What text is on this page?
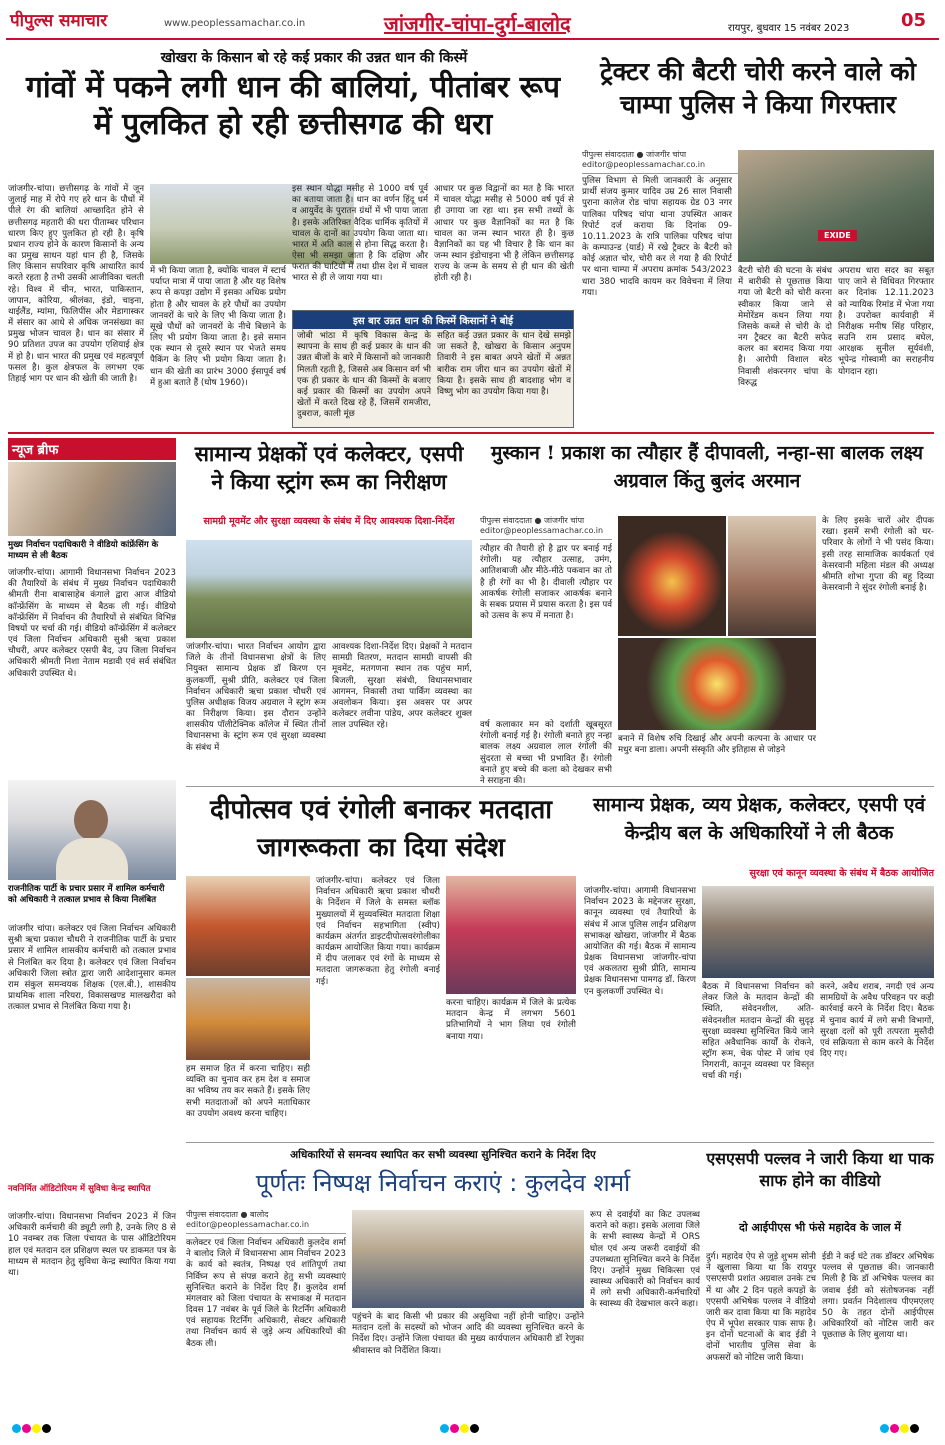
पीपुल्स समाचार	www.peoplessamachar.co.in	जांजगीर-चांपा-दुर्ग-बालोद	रायपुर, बुधवार 15 नवंबर 2023	05
खोखरा के किसान बो रहे कई प्रकार की उन्नत धान की किस्में
गांवों में पकने लगी धान की बालियां, पीतांबर रूप में पुलकित हो रही छत्तीसगढ की धरा
जांजगीर-चांपा। छत्तीसगढ़ के गांवों में जून जुलाई माह में रोपे गए हरे धान के पौधों में पीले रंग की बालियां आच्छादित होने से छत्तीसगढ़ महतारी की धरा पीताम्बर परिधान धारण किए हुए पुलकित हो रही है। कृषि प्रधान राज्य होने के कारण किसानों के अन्य का प्रमुख साधन यहां धान ही है, जिसके लिए किसान सपरिवार कृषि आधारित कार्य करते रहता है तभी उसकी आजीविका चलती रहे। विश्व में चीन, भारत, पाकिस्तान, जापान, कोरिया, श्रीलंका, इंडो, चाइना, थाईलैंड, म्यांमा, फिलिपींस और मेडागास्कर में संसार का आधे से अधिक जनसंख्या का प्रमुख भोजन चावल है। धान का संसार में 90 प्रतिशत उपज का उपयोग एशियाई क्षेत्र में हो है। धान भारत की प्रमुख एवं महत्वपूर्ण फसल है। कुल क्षेत्रफल के लगभग एक तिहाई भाग पर धान की खेती की जाती है।
में भी किया जाता है, क्योंकि चावल में स्टार्च पर्याप्त मात्रा में पाया जाता है और यह विशेष रूप से कपड़ा उद्योग में इसका अधिक प्रयोग होता है और चावल के हरे पौधों का उपयोग जानवरों के चारे के लिए भी किया जाता है। सूखे पौधों को जानवरों के नीचे बिछाने के लिए भी प्रयोग किया जाता है। इसे समान एक स्थान से दूसरे स्थान पर भेजते समय पैकिंग के लिए भी प्रयोग किया जाता है। धान की खेती का प्रारंभ 3000 ईसापूर्व वर्ष में हुआ बताते हैं (घोष 1960)।
इस स्थान योद्धा मसीह से 1000 वर्ष पूर्व का बताया जाता है। धान का वर्णन हिंदू धर्म व आयुर्वेद के पुरातन ग्रंथों में भी पाया जाता है। इसके अतिरिक्त वैदिक धार्मिक कृतियों में चावल के दानों का उपयोग किया जाता था। भारत में अति काल से होना सिद्ध करता है। ऐसा भी समझा जाता है कि दक्षिण और फरात की घाटियों में तथा ग्रीस देश में चावल भारत से ही ले जाया गया था।
आधार पर कुछ विद्वानों का मत है कि भारत में चावल योद्धा मसीह से 5000 वर्ष पूर्व से ही उगाया जा रहा था। इस सभी तथ्यों के आधार पर कुछ वैज्ञानिकों का मत है कि चावल का जन्म स्थान भारत ही है। कुछ वैज्ञानिकों का यह भी विचार है कि धान का जन्म स्थान इंडोचाइना भी है लेकिन छत्तीसगढ़ राज्य के जन्म के समय से ही धान की खेती होती रही है।
इस बार उन्नत धान की किस्में किसानों ने बोई
जोबी भांठा में कृषि विकास केन्द्र के स्थापना के साथ ही कई प्रकार के धान की उन्नत बीजों के बारे में किसानों को जानकारी मिलती रहती है, जिससे अब किसान वर्ग भी एक ही प्रकार के धान की किस्मों के बजाए कई प्रकार की किस्मों का उपयोग अपने खेतों में करते दिख रहे हैं, जिसमें रामजीरा, दुबराज, काली मूंछ
सहित कई उन्नत प्रकार के धान देखे समझे जा सकते है, खोखरा के किसान अनुपम तिवारी ने इस बाबत अपने खेतों में अन्नत बारीक राम जीरा धान का उपयोग खेतों में किया है। इसके साथ ही बादशाह भोग व विष्णु भोग का उपयोग किया गया है।
ट्रेक्टर की बैटरी चोरी करने वाले को चाम्पा पुलिस ने किया गिरफ्तार
पीपुल्स संवाददाता ● जांजगीर चांपा
editor@peoplessamachar.co.in
पुलिस विभाग से मिली जानकारी के अनुसार प्रार्थी संजय कुमार यादिव उम्र 26 साल निवासी पुराना कालेज रोड चांपा सहायक ग्रेड 03 नगर पालिका परिषद चांपा थाना उपस्थित आकर रिपोर्ट दर्ज कराया कि दिनांक 09-10.11.2023 के रात्रि पालिका परिषद चांपा के कम्पाउन्ड (यार्ड) में रखे ट्रैक्टर के बैटरी को कोई अज्ञात चोर, चोरी कर ले गया है की रिपोर्ट पर थाना चाम्पा में अपराध क्रमांक 543/2023 धारा 380 भादवि कायम कर विवेचना में लिया गया।
EXIDE
बैटरी चोरी की घटना के संबंध में बारीकी से पूछताछ किया गया जो बैटरी को चोरी करना स्वीकार किया जाने से मेमोरेंडम कथन लिया गया जिसके कब्जे से चोरी के दो नग ट्रैक्टर का बैटरी सफेद कलर का बरामद किया गया है। आरोपी विशाल बरेठ निवासी शंकरनगर चांपा के विरुद्ध
अपराध धारा सदर का सबूत पाए जाने से विधिवत गिरफ्तार कर दिनांक 12.11.2023 को न्यायिक रिमांड में भेजा गया है। उपरोक्त कार्यवाही में निरीक्षक मनीष सिंह परिहार, सउनि राम प्रसाद बघेल, आरक्षक सुनील सूर्यवंशी, भूपेन्द्र गोस्वामी का सराहनीय योगदान रहा।
न्यूज ब्रीफ
मुख्य निर्वाचन पदाधिकारी ने वीडियो कांफ्रेंसिंग के माध्यम से ली बैठक
जांजगीर-चांपा। आगामी विधानसभा निर्वाचन 2023 की तैयारियों के संबंध में मुख्य निर्वाचन पदाधिकारी श्रीमती रीना बाबासाहेब कंगाले द्वारा आज वीडियो कॉन्फ्रेंसिंग के माध्यम से बैठक ली गई। वीडियो कॉन्फ्रेंसिंग में निर्वाचन की तैयारियों से संबंधित विभिन्न विषयों पर चर्चा की गई। वीडियो कॉन्फ्रेंसिंग में कलेक्टर एवं जिला निर्वाचन अधिकारी सुश्री ऋचा प्रकाश चौधरी, अपर कलेक्टर एसपी बैद, उप जिला निर्वाचन अधिकारी श्रीमती निशा नेताम मडावी एवं सर्व संबंधित अधिकारी उपस्थित थे।
राजनीतिक पार्टी के प्रचार प्रसार में शामिल कर्मचारी को अधिकारी ने तत्काल प्रभाव से किया निलंबित
जांजगीर चांपा। कलेक्टर एवं जिला निर्वाचन अधिकारी सुश्री ऋचा प्रकाश चौधरी ने राजनीतिक पार्टी के प्रचार प्रसार में शामिल शासकीय कर्मचारी को तत्काल प्रभाव से निलंबित कर दिया है। कलेक्टर एवं जिला निर्वाचन अधिकारी जिला स्त्रोत द्वारा जारी आदेशानुसार कमल राम संकुल समन्वयक शिक्षक (एल.बी.), शासकीय प्राथमिक शाला नरियरा, विकासखण्ड मालखरौदा को तत्काल प्रभाव से निलंबित किया गया है।
नवनिर्मित ऑडिटोरियम में सुविधा केन्द्र स्थापित
जांजगीर-चांपा। विधानसभा निर्वाचन 2023 में जिन अधिकारी कर्मचारी की ड्यूटी लगी है, उनके लिए 8 से 10 नवम्बर तक जिला पंचायत के पास ऑडिटोरियम हाल एवं मतदान दल प्रशिक्षण स्थल पर डाकमत पत्र के माध्यम से मतदान हेतु सुविधा केन्द्र स्थापित किया गया था।
सामान्य प्रेक्षकों एवं कलेक्टर, एसपी ने किया स्ट्रांग रूम का निरीक्षण
सामग्री मूवमेंट और सुरक्षा व्यवस्था के संबंध में दिए आवश्यक दिशा-निर्देश
जांजगीर-चांपा। भारत निर्वाचन आयोग द्वारा जिले के तीनों विधानसभा क्षेत्रों के लिए नियुक्त सामान्य प्रेक्षक डॉ किरण एन कुलकर्णी, सुश्री प्रीति, कलेक्टर एवं जिला निर्वाचन अधिकारी ऋचा प्रकाश चौधरी एवं पुलिस अधीक्षक विजय अग्रवाल ने स्ट्रांग रूम का निरीक्षण किया। इस दौरान उन्होंने शासकीय पॉलीटेक्निक कॉलेज में स्थित तीनों विधानसभा के स्ट्रांग रूम एवं सुरक्षा व्यवस्था के संबंध में
आवश्यक दिशा-निर्देश दिए। प्रेक्षकों ने मतदान सामग्री वितरण, मतदान सामग्री वापसी की मूवमेंट, मतगणना स्थान तक पहुंच मार्ग, बिजली, सुरक्षा संबंधी, विधानसभावार आगमन, निकासी तथा पार्किंग व्यवस्था का अवलोकन किया। इस अवसर पर अपर कलेक्टर लवीना पांडेय, अपर कलेक्टर शुक्ल लाल उपस्थित रहे।
मुस्कान ! प्रकाश का त्यौहार हैं दीपावली, नन्हा-सा बालक लक्ष्य अग्रवाल किंतु बुलंद अरमान
पीपुल्स संवाददाता ● जांजगीर चांपा
editor@peoplessamachar.co.in
त्यौहार की तैयारी हो है द्वार पर बनाई गई रंगोली। यह त्यौहार उत्साह, उमंग, आतिशबाजी और मीठे-मीठे पकवान का तो है ही रंगों का भी है। दीवाली त्यौहार पर आकर्षक रंगोली सजाकर आकर्षक बनाने के सबक प्रयास में प्रयास करता है। इस पर्व को उत्सव के रूप में मनाता है।
वर्ष कलाकार मन को दर्शाती खूबसूरत रंगोली बनाई गई है। रंगोली बनाते हुए नन्हा बालक लक्ष्य अग्रवाल लाल रंगोली की सुंदरता से बच्चा भी प्रभावित हैं। रंगोली बनाते हुए बच्चे की कला को देखकर सभी ने सराहना की।
बनाने में विशेष रुचि दिखाई और अपनी कल्पना के आधार पर मधुर बना डाला। अपनी संस्कृति और इतिहास से जोड़ने
के लिए इसके चारों ओर दीपक रखा। इसमें सभी रंगोली को घर-परिवार के लोगों ने भी पसंद किया। इसी तरह सामाजिक कार्यकर्ता एवं केसरवानी महिला मंडल की अध्यक्ष श्रीमति शोभा गुप्ता की बहू दिव्या केसरवानी ने सुंदर रंगोली बनाई है।
दीपोत्सव एवं रंगोली बनाकर मतदाता जागरूकता का दिया संदेश
जांजगीर-चांपा। कलेक्टर एवं जिला निर्वाचन अधिकारी ऋचा प्रकाश चौधरी के निर्देशन में जिले के समस्त ब्लॉक मुख्यालयों में सुव्यवस्थित मतदाता शिक्षा एवं निर्वाचन सहभागिता (स्वीप) कार्यक्रम अंतर्गत डाइटदीपोत्सवरंगोलीका कार्यक्रम आयोजित किया गया। कार्यक्रम में दीप जलाकर एवं रंगों के माध्यम से मतदाता जागरूकता हेतु रंगोली बनाई गई।
हम समाज हित में करना चाहिए। सही व्यक्ति का चुनाव कर हम देश व समाज का भविष्य तय कर सकते हैं। इसके लिए सभी मतदाताओं को अपने मताधिकार का उपयोग अवश्य करना चाहिए।
करना चाहिए। कार्यक्रम में जिले के प्रत्येक मतदान केन्द्र में लगभग 5601 प्रतिभागियों ने भाग लिया एवं रंगोली बनाया गया।
सामान्य प्रेक्षक, व्यय प्रेक्षक, कलेक्टर, एसपी एवं केन्द्रीय बल के अधिकारियों ने ली बैठक
सुरक्षा एवं कानून व्यवस्था के संबंध में बैठक आयोजित
जांजगीर-चांपा। आगामी विधानसभा निर्वाचन 2023 के मद्देनजर सुरक्षा, कानून व्यवस्था एवं तैयारियों के संबंध में आज पुलिस लाईन प्रशिक्षण सभाकक्ष खोखरा, जांजगीर में बैठक आयोजित की गई। बैठक में सामान्य प्रेक्षक विधानसभा जांजगीर-चांपा एवं अकलतरा सुश्री प्रीति, सामान्य प्रेक्षक विधानसभा पामगढ़ डॉ. किरण एन कुलकर्णी उपस्थित थे।	बैठक में विधानसभा निर्वाचन को लेकर जिले के मतदान केन्द्रों की स्थिति, संवेदनशील, अति-संवेदनशील मतदान केन्द्रों की सुदृढ़ सुरक्षा व्यवस्था सुनिश्चित किये जाने सहित अवैधानिक कार्यों के रोकने, स्ट्रॉग रूम, चेक पोस्ट में जांच एवं निगरानी, कानून व्यवस्था पर विस्तृत चर्चा की गई।
करने, अवैध शराब, नगदी एवं अन्य सामग्रियों के अवैध परिवहन पर कड़ी कार्रवाई करने के निर्देश दिए। बैठक में चुनाव कार्य में लगे सभी विभागों, सुरक्षा दलों को पूरी तत्परता मुस्तैदी एवं सक्रियता से काम करने के निर्देश दिए गए।
अधिकारियों से समन्वय स्थापित कर सभी व्यवस्था सुनिश्चित कराने के निर्देश दिए
पूर्णतः निष्पक्ष निर्वाचन कराएं : कुलदेव शर्मा
पीपुल्स संवाददाता ● बालोद
editor@peoplessamachar.co.in
कलेक्टर एवं जिला निर्वाचन अधिकारी कुलदेव शर्मा ने बालोद जिले में विधानसभा आम निर्वाचन 2023 के कार्य को स्वतंत्र, निष्पक्ष एवं शांतिपूर्ण तथा निर्विघ्न रूप से संपन्न कराने हेतु सभी व्यवस्थाएं सुनिश्चित कराने के निर्देश दिए हैं। कुलदेव शर्मा मंगलवार को जिला पंचायत के सभाकक्ष में मतदान दिवस 17 नवंबर के पूर्व जिले के रिटर्निंग अधिकारी एवं सहायक रिटर्निंग अधिकारी, सेक्टर अधिकारी तथा निर्वाचन कार्य से जुड़े अन्य अधिकारियों की बैठक ली।
पहुंचने के बाद किसी भी प्रकार की असुविधा नहीं होनी चाहिए। उन्होंने मतदान दलों के सदस्यों को भोजन आदि की व्यवस्था सुनिश्चित करने के निर्देश दिए। उन्होंने जिला पंचायत की मुख्य कार्यपालन अधिकारी डॉ रेणुका श्रीवास्तव को निर्देशित किया।
रूप से दवाईयों का किट उपलब्ध कराने को कहा। इसके अलावा जिले के सभी स्वास्थ्य केन्द्रों में ORS घोल एवं अन्य जरूरी दवाईयों की उपलब्धता सुनिश्चित करने के निर्देश दिए। उन्होंने मुख्य चिकित्सा एवं स्वास्थ्य अधिकारी को निर्वाचन कार्य में लगे सभी अधिकारी-कर्मचारियों के स्वास्थ्य की देखभाल करने कहा।
एसएसपी पल्लव ने जारी किया था पाक साफ होने का वीडियो
दो आईपीएस भी फंसे महादेव के जाल में
दुर्ग। महादेव ऐप से जुड़े शुभम सोनी ने खुलासा किया था कि रायपुर एसएसपी प्रशांत अग्रवाल उनके टच में था और 2 दिन पहले कपड़ों के एएसपी अभिषेक पल्लव ने वीडियो जारी कर दावा किया था कि महादेव ऐप में भूपेश सरकार पाक साफ है। इन दोनों घटनाओं के बाद ईडी ने दोनों भारतीय पुलिस सेवा के अफसरों को नोटिस जारी किया।
ईडी ने कई घंटे तक डॉक्टर अभिषेक पल्लव से पूछताछ की। जानकारी मिली है कि डॉ अभिषेक पल्लव का जवाब ईडी को संतोषजनक नहीं लगा। प्रवर्तन निदेशालय पीएमएलए 50 के तहत दोनों आईपीएस अधिकारियों को नोटिस जारी कर पूछताछ के लिए बुलाया था।
